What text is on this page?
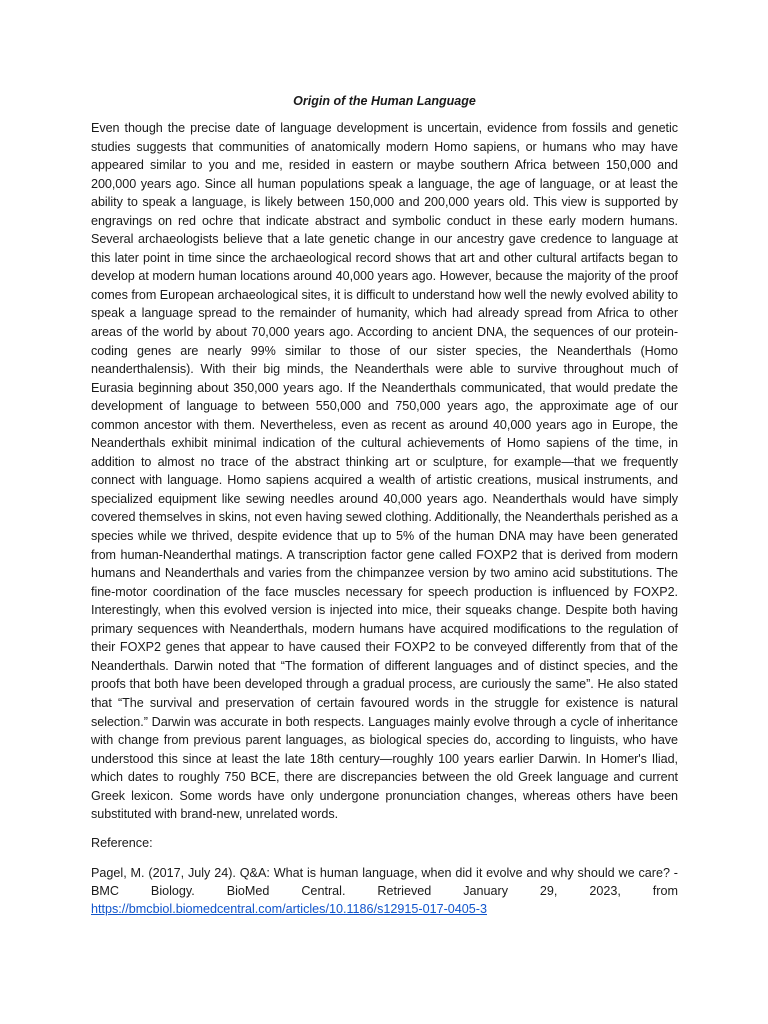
Origin of the Human Language

Even though the precise date of language development is uncertain, evidence from fossils and genetic studies suggests that communities of anatomically modern Homo sapiens, or humans who may have appeared similar to you and me, resided in eastern or maybe southern Africa between 150,000 and 200,000 years ago. Since all human populations speak a language, the age of language, or at least the ability to speak a language, is likely between 150,000 and 200,000 years old. This view is supported by engravings on red ochre that indicate abstract and symbolic conduct in these early modern humans. Several archaeologists believe that a late genetic change in our ancestry gave credence to language at this later point in time since the archaeological record shows that art and other cultural artifacts began to develop at modern human locations around 40,000 years ago. However, because the majority of the proof comes from European archaeological sites, it is difficult to understand how well the newly evolved ability to speak a language spread to the remainder of humanity, which had already spread from Africa to other areas of the world by about 70,000 years ago. According to ancient DNA, the sequences of our protein-coding genes are nearly 99% similar to those of our sister species, the Neanderthals (Homo neanderthalensis). With their big minds, the Neanderthals were able to survive throughout much of Eurasia beginning about 350,000 years ago. If the Neanderthals communicated, that would predate the development of language to between 550,000 and 750,000 years ago, the approximate age of our common ancestor with them. Nevertheless, even as recent as around 40,000 years ago in Europe, the Neanderthals exhibit minimal indication of the cultural achievements of Homo sapiens of the time, in addition to almost no trace of the abstract thinking art or sculpture, for example—that we frequently connect with language. Homo sapiens acquired a wealth of artistic creations, musical instruments, and specialized equipment like sewing needles around 40,000 years ago. Neanderthals would have simply covered themselves in skins, not even having sewed clothing. Additionally, the Neanderthals perished as a species while we thrived, despite evidence that up to 5% of the human DNA may have been generated from human-Neanderthal matings. A transcription factor gene called FOXP2 that is derived from modern humans and Neanderthals and varies from the chimpanzee version by two amino acid substitutions. The fine-motor coordination of the face muscles necessary for speech production is influenced by FOXP2. Interestingly, when this evolved version is injected into mice, their squeaks change. Despite both having primary sequences with Neanderthals, modern humans have acquired modifications to the regulation of their FOXP2 genes that appear to have caused their FOXP2 to be conveyed differently from that of the Neanderthals. Darwin noted that “The formation of different languages and of distinct species, and the proofs that both have been developed through a gradual process, are curiously the same”. He also stated that “The survival and preservation of certain favoured words in the struggle for existence is natural selection.” Darwin was accurate in both respects. Languages mainly evolve through a cycle of inheritance with change from previous parent languages, as biological species do, according to linguists, who have understood this since at least the late 18th century—roughly 100 years earlier Darwin. In Homer's Iliad, which dates to roughly 750 BCE, there are discrepancies between the old Greek language and current Greek lexicon. Some words have only undergone pronunciation changes, whereas others have been substituted with brand-new, unrelated words.

Reference:

Pagel, M. (2017, July 24). Q&A: What is human language, when did it evolve and why should we care? - BMC Biology. BioMed Central. Retrieved January 29, 2023, from

https://bmcbiol.biomedcentral.com/articles/10.1186/s12915-017-0405-3
